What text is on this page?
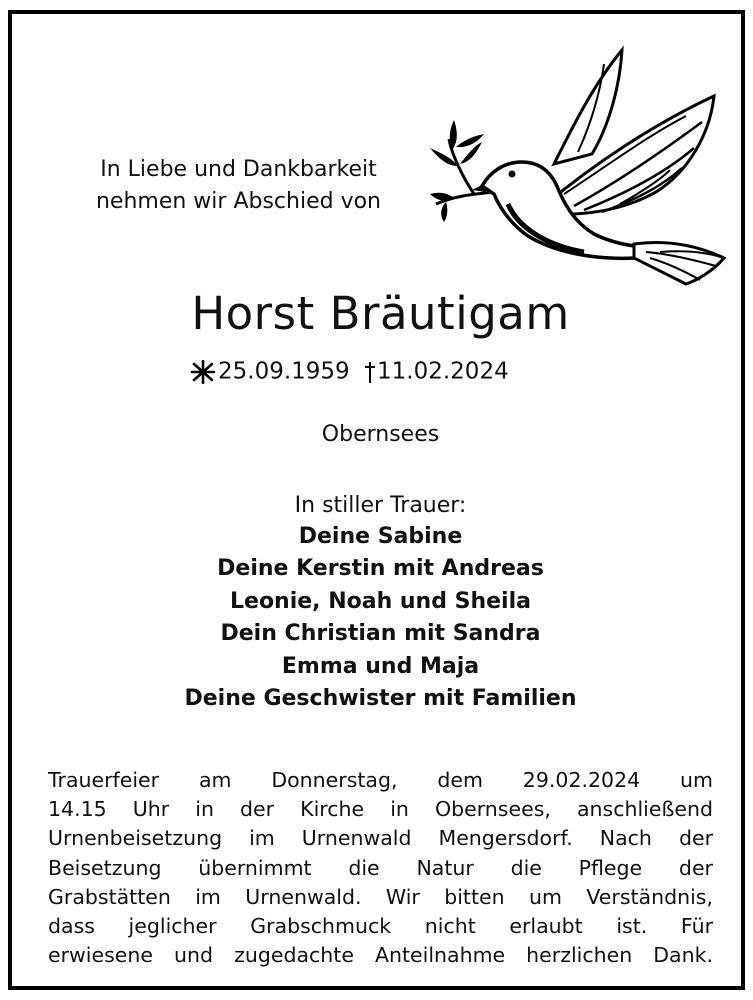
In Liebe und Dankbarkeit
nehmen wir Abschied von
Horst Bräutigam
25.09.1959 11.02.2024
Obernsees
In stiller Trauer:
Deine Sabine
Deine Kerstin mit Andreas
Leonie, Noah und Sheila
Dein Christian mit Sandra
Emma und Maja
Deine Geschwister mit Familien
Trauerfeier am Donnerstag, dem 29.02.2024 um
14.15 Uhr in der Kirche in Obernsees, anschließend
Urnenbeisetzung im Urnenwald Mengersdorf. Nach der
Beisetzung übernimmt die Natur die Pflege der
Grabstätten im Urnenwald. Wir bitten um Verständnis,
dass jeglicher Grabschmuck nicht erlaubt ist. Für
erwiesene und zugedachte Anteilnahme herzlichen Dank.
